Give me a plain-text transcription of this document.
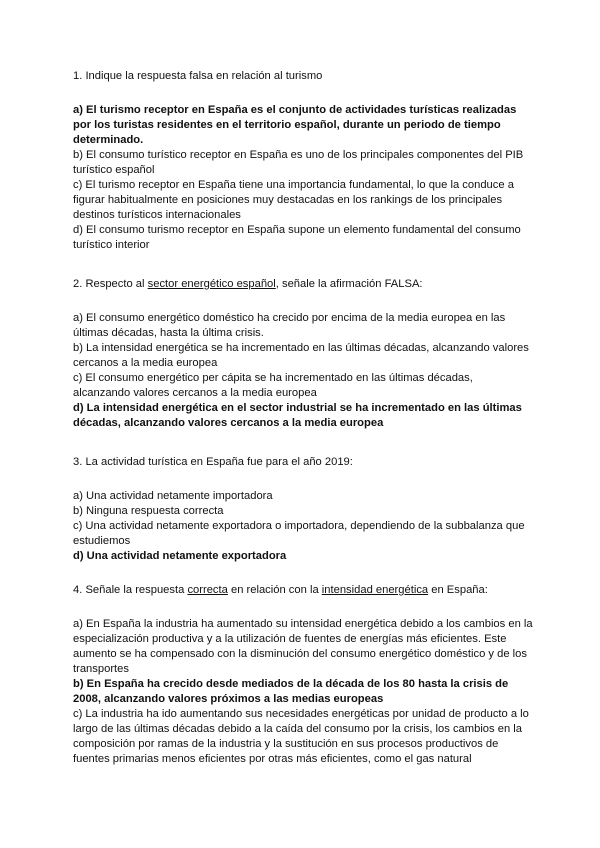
1. Indique la respuesta falsa en relación al turismo

a) El turismo receptor en España es el conjunto de actividades turísticas realizadas por los turistas residentes en el territorio español, durante un periodo de tiempo determinado.

b) El consumo turístico receptor en España es uno de los principales componentes del PIB turístico español

c) El turismo receptor en España tiene una importancia fundamental, lo que la conduce a figurar habitualmente en posiciones muy destacadas en los rankings de los principales destinos turísticos internacionales

d) El consumo turismo receptor en España supone un elemento fundamental del consumo turístico interior

2. Respecto al sector energético español, señale la afirmación FALSA:

a) El consumo energético doméstico ha crecido por encima de la media europea en las últimas décadas, hasta la última crisis.

b) La intensidad energética se ha incrementado en las últimas décadas, alcanzando valores cercanos a la media europea

c) El consumo energético per cápita se ha incrementado en las últimas décadas, alcanzando valores cercanos a la media europea

d) La intensidad energética en el sector industrial se ha incrementado en las últimas décadas, alcanzando valores cercanos a la media europea

3. La actividad turística en España fue para el año 2019:

a) Una actividad netamente importadora

b) Ninguna respuesta correcta

c) Una actividad netamente exportadora o importadora, dependiendo de la subbalanza que estudiemos

d) Una actividad netamente exportadora

4. Señale la respuesta correcta en relación con la intensidad energética en España:

a) En España la industria ha aumentado su intensidad energética debido a los cambios en la especialización productiva y a la utilización de fuentes de energías más eficientes. Este aumento se ha compensado con la disminución del consumo energético doméstico y de los transportes

b) En España ha crecido desde mediados de la década de los 80 hasta la crisis de 2008, alcanzando valores próximos a las medias europeas

c) La industria ha ido aumentando sus necesidades energéticas por unidad de producto a lo largo de las últimas décadas debido a la caída del consumo por la crisis, los cambios en la composición por ramas de la industria y la sustitución en sus procesos productivos de fuentes primarias menos eficientes por otras más eficientes, como el gas natural
